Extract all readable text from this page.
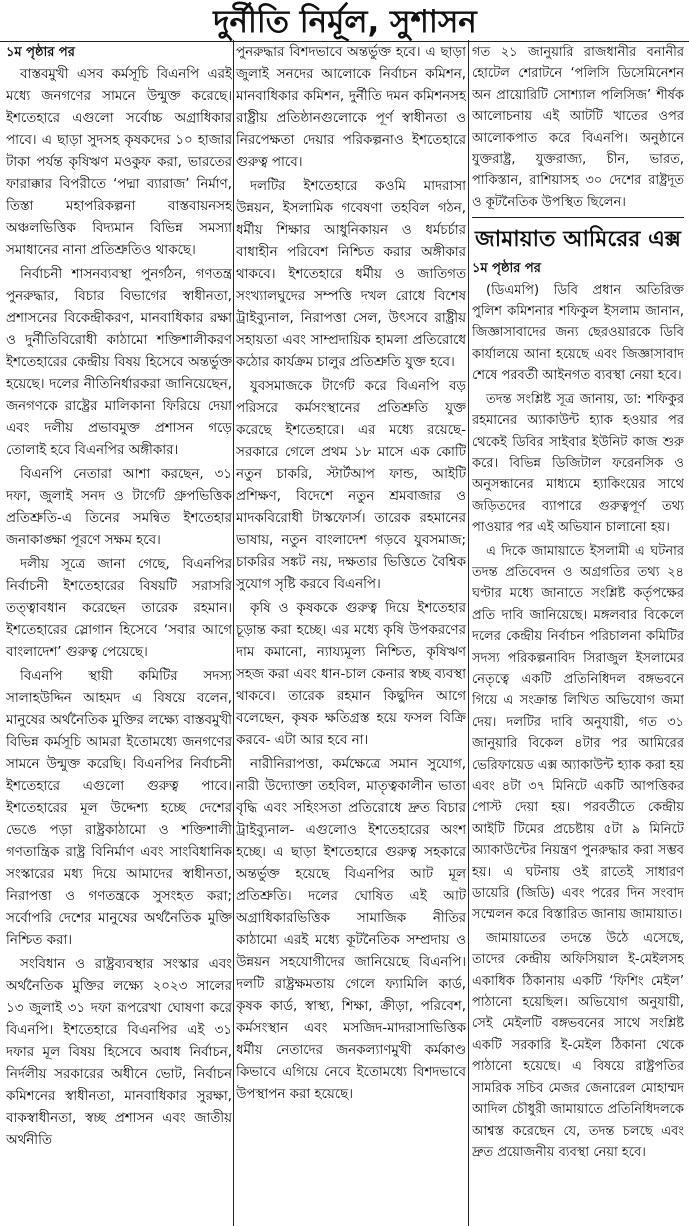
দুর্নীতি নির্মূল, সুশাসন
১ম পৃষ্ঠার পর

বাস্তবমুখী এসব কর্মসূচি বিএনপি এরই মধ্যে জনগণের সামনে উন্মুক্ত করেছে। ইশতেহারে এগুলো সর্বোচ্চ অগ্রাধিকার পাবে। এ ছাড়া সুদসহ কৃষকদের ১০ হাজার টাকা পর্যন্ত কৃষিঋণ মওকুফ করা, ভারতের ফারাক্কার বিপরীতে ‘পদ্মা ব্যারাজ’ নির্মাণ, তিস্তা মহাপরিকল্পনা বাস্তবায়নসহ অঞ্চলভিত্তিক বিদ্যমান বিভিন্ন সমস্যা সমাধানের নানা প্রতিশ্রুতিও থাকছে।

নির্বাচনী শাসনব্যবস্থা পুনর্গঠন, গণতন্ত্র পুনরুদ্ধার, বিচার বিভাগের স্বাধীনতা, প্রশাসনের বিকেন্দ্রীকরণ, মানবাধিকার রক্ষা ও দুর্নীতিবিরোধী কাঠামো শক্তিশালীকরণ ইশতেহারের কেন্দ্রীয় বিষয় হিসেবে অন্তর্ভুক্ত হয়েছে। দলের নীতিনির্ধারকরা জানিয়েছেন, জনগণকে রাষ্ট্রের মালিকানা ফিরিয়ে দেয়া এবং দলীয় প্রভাবমুক্ত প্রশাসন গড়ে তোলাই হবে বিএনপির অঙ্গীকার।

বিএনপি নেতারা আশা করছেন, ৩১ দফা, জুলাই সনদ ও টার্গেট গ্রুপভিত্তিক প্রতিশ্রুতি-এ তিনের সমন্বিত ইশতেহার জনাকাঙ্ক্ষা পূরণে সক্ষম হবে।

দলীয় সূত্রে জানা গেছে, বিএনপির নির্বাচনী ইশতেহারের বিষয়টি সরাসরি তত্ত্বাবধান করেছেন তারেক রহমান। ইশতেহারের স্লোগান হিসেবে ‘সবার আগে বাংলাদেশ’ গুরুত্ব পেয়েছে।

বিএনপি স্থায়ী কমিটির সদস্য সালাহউদ্দিন আহমদ এ বিষয়ে বলেন, মানুষের অর্থনৈতিক মুক্তির লক্ষ্যে বাস্তবমুখী বিভিন্ন কর্মসূচি আমরা ইতোমধ্যে জনগণের সামনে উন্মুক্ত করেছি। বিএনপির নির্বাচনী ইশতেহারে এগুলো গুরুত্ব পাবে। ইশতেহারের মূল উদ্দেশ্য হচ্ছে দেশের ভেঙে পড়া রাষ্ট্রকাঠামো ও শক্তিশালী গণতান্ত্রিক রাষ্ট্র বিনির্মাণ এবং সাংবিধানিক সংস্কারের মধ্য দিয়ে আমাদের স্বাধীনতা, নিরাপত্তা ও গণতন্ত্রকে সুসংহত করা; সর্বোপরি দেশের মানুষের অর্থনৈতিক মুক্তি নিশ্চিত করা।

সংবিধান ও রাষ্ট্রব্যবস্থার সংস্কার এবং অর্থনৈতিক মুক্তির লক্ষ্যে ২০২৩ সালের ১৩ জুলাই ৩১ দফা রূপরেখা ঘোষণা করে বিএনপি। ইশতেহারে বিএনপির এই ৩১ দফার মূল বিষয় হিসেবে অবাধ নির্বাচন, নির্দলীয় সরকারের অধীনে ভোট, নির্বাচন কমিশনের স্বাধীনতা, মানবাধিকার সুরক্ষা, বাকস্বাধীনতা, স্বচ্ছ প্রশাসন এবং জাতীয় অর্থনীতি

পুনরুদ্ধার বিশদভাবে অন্তর্ভুক্ত হবে। এ ছাড়া জুলাই সনদের আলোকে নির্বাচন কমিশন, মানবাধিকার কমিশন, দুর্নীতি দমন কমিশনসহ রাষ্ট্রীয় প্রতিষ্ঠানগুলোকে পূর্ণ স্বাধীনতা ও নিরপেক্ষতা দেয়ার পরিকল্পনাও ইশতেহারে গুরুত্ব পাবে।

দলটির ইশতেহারে কওমি মাদরাসা উন্নয়ন, ইসলামিক গবেষণা তহবিল গঠন, ধর্মীয় শিক্ষার আধুনিকায়ন ও ধর্মচর্চার বাধাহীন পরিবেশ নিশ্চিত করার অঙ্গীকার থাকবে। ইশতেহারে ধর্মীয় ও জাতিগত সংখ্যালঘুদের সম্পত্তি দখল রোধে বিশেষ ট্রাইব্যুনাল, নিরাপত্তা সেল, উৎসবে রাষ্ট্রীয় সহায়তা এবং সাম্প্রদায়িক হামলা প্রতিরোধে কঠোর কার্যক্রম চালুর প্রতিশ্রুতি যুক্ত হবে।

যুবসমাজকে টার্গেট করে বিএনপি বড় পরিসরে কর্মসংস্থানের প্রতিশ্রুতি যুক্ত করেছে ইশতেহারে। এর মধ্যে রয়েছে- সরকারে গেলে প্রথম ১৮ মাসে এক কোটি নতুন চাকরি, স্টার্টআপ ফান্ড, আইটি প্রশিক্ষণ, বিদেশে নতুন শ্রমবাজার ও মাদকবিরোধী টাস্কফোর্স। তারেক রহমানের ভাষায়, নতুন বাংলাদেশ গড়বে যুবসমাজ; চাকরির সঙ্কট নয়, দক্ষতার ভিত্তিতে বৈশ্বিক সুযোগ সৃষ্টি করবে বিএনপি।

কৃষি ও কৃষককে গুরুত্ব দিয়ে ইশতেহার চূড়ান্ত করা হচ্ছে। এর মধ্যে কৃষি উপকরণের দাম কমানো, ন্যায্যমূল্য নিশ্চিত, কৃষিঋণ সহজ করা এবং ধান-চাল কেনার স্বচ্ছ ব্যবস্থা থাকবে। তারেক রহমান কিছুদিন আগে বলেছেন, কৃষক ক্ষতিগ্রস্ত হয়ে ফসল বিক্রি করবে- এটা আর হবে না।

নারীনিরাপত্তা, কর্মক্ষেত্রে সমান সুযোগ, নারী উদ্যোক্তা তহবিল, মাতৃত্বকালীন ভাতা বৃদ্ধি এবং সহিংসতা প্রতিরোধে দ্রুত বিচার ট্রাইব্যুনাল- এগুলোও ইশতেহারের অংশ হচ্ছে। এ ছাড়া ইশতেহারে গুরুত্ব সহকারে অন্তর্ভুক্ত হয়েছে বিএনপির আট মূল প্রতিশ্রুতি। দলের ঘোষিত এই আট অগ্রাধিকারভিত্তিক সামাজিক নীতির কাঠামো এরই মধ্যে কূটনৈতিক সম্প্রদায় ও উন্নয়ন সহযোগীদের জানিয়েছে বিএনপি। দলটি রাষ্ট্রক্ষমতায় গেলে ফ্যামিলি কার্ড, কৃষক কার্ড, স্বাস্থ্য, শিক্ষা, ক্রীড়া, পরিবেশ, কর্মসংস্থান এবং মসজিদ-মাদরাসাভিত্তিক ধর্মীয় নেতাদের জনকল্যাণমুখী কর্মকাণ্ড কিভাবে এগিয়ে নেবে ইতোমধ্যে বিশদভাবে উপস্থাপন করা হয়েছে।

গত ২১ জানুয়ারি রাজধানীর বনানীর হোটেল শেরাটনে ‘পলিসি ডিসেমিনেশন অন প্রায়োরিটি সোশ্যাল পলিসিজ’ শীর্ষক আলোচনায় এই আটটি খাতের ওপর আলোকপাত করে বিএনপি। অনুষ্ঠানে যুক্তরাষ্ট্র, যুক্তরাজ্য, চীন, ভারত, পাকিস্তান, রাশিয়াসহ ৩০ দেশের রাষ্ট্রদূত ও কূটনৈতিক উপস্থিত ছিলেন।

জামায়াত আমিরের এক্স
১ম পৃষ্ঠার পর

(ডিএমপি) ডিবি প্রধান অতিরিক্ত পুলিশ কমিশনার শফিকুল ইসলাম জানান, জিজ্ঞাসাবাদের জন্য ছেরওয়ারকে ডিবি কার্যালয়ে আনা হয়েছে এবং জিজ্ঞাসাবাদ শেষে পরবর্তী আইনগত ব্যবস্থা নেয়া হবে।

তদন্ত সংশ্লিষ্ট সূত্র জানায়, ডা: শফিকুর রহমানের অ্যাকাউন্ট হ্যাক হওয়ার পর থেকেই ডিবির সাইবার ইউনিট কাজ শুরু করে। বিভিন্ন ডিজিটাল ফরেনসিক ও অনুসন্ধানের মাধ্যমে হ্যাকিংয়ের সাথে জড়িতদের ব্যাপারে গুরুত্বপূর্ণ তথ্য পাওয়ার পর এই অভিযান চালানো হয়।

এ দিকে জামায়াতে ইসলামী এ ঘটনার তদন্ত প্রতিবেদন ও অগ্রগতির তথ্য ২৪ ঘণ্টার মধ্যে জানাতে সংশ্লিষ্ট কর্তৃপক্ষের প্রতি দাবি জানিয়েছে। মঙ্গলবার বিকেলে দলের কেন্দ্রীয় নির্বাচন পরিচালনা কমিটির সদস্য পরিকল্পনাবিদ সিরাজুল ইসলামের নেতৃত্বে একটি প্রতিনিধিদল বঙ্গভবনে গিয়ে এ সংক্রান্ত লিখিত অভিযোগ জমা দেয়। দলটির দাবি অনুযায়ী, গত ৩১ জানুয়ারি বিকেল ৪টার পর আমিরের ভেরিফায়েড এক্স অ্যাকাউন্ট হ্যাক করা হয় এবং ৪টা ৩৭ মিনিটে একটি আপত্তিকর পোস্ট দেয়া হয়। পরবর্তীতে কেন্দ্রীয় আইটি টিমের প্রচেষ্টায় ৫টা ৯ মিনিটে অ্যাকাউন্টের নিয়ন্ত্রণ পুনরুদ্ধার করা সম্ভব হয়। এ ঘটনায় ওই রাতেই সাধারণ ডায়েরি (জিডি) এবং পরের দিন সংবাদ সম্মেলন করে বিস্তারিত জানায় জামায়াত।

জামায়াতের তদন্তে উঠে এসেছে, তাদের কেন্দ্রীয় অফিসিয়াল ই-মেইলসহ একাধিক ঠিকানায় একটি ‘ফিশিং মেইল’ পাঠানো হয়েছিল। অভিযোগ অনুযায়ী, সেই মেইলটি বঙ্গভবনের সাথে সংশ্লিষ্ট একটি সরকারি ই-মেইল ঠিকানা থেকে পাঠানো হয়েছে। এ বিষয়ে রাষ্ট্রপতির সামরিক সচিব মেজর জেনারেল মোহাম্মদ আদিল চৌধুরী জামায়াতে প্রতিনিধিদলকে আশ্বস্ত করেছেন যে, তদন্ত চলছে এবং দ্রুত প্রয়োজনীয় ব্যবস্থা নেয়া হবে।
